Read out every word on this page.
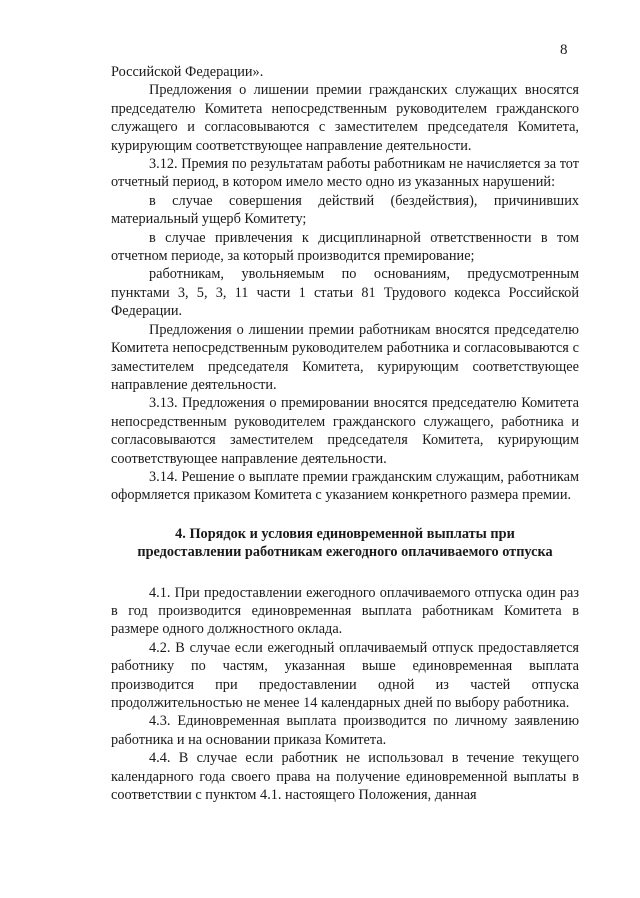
8

Российской Федерации».

Предложения о лишении премии гражданских служащих вносятся председателю Комитета непосредственным руководителем гражданского служащего и согласовываются с заместителем председателя Комитета, курирующим соответствующее направление деятельности.

3.12. Премия по результатам работы работникам не начисляется за тот отчетный период, в котором имело место одно из указанных нарушений:

в случае совершения действий (бездействия), причинивших материальный ущерб Комитету;

в случае привлечения к дисциплинарной ответственности в том отчетном периоде, за который производится премирование;

работникам, увольняемым по основаниям, предусмотренным пунктами 3, 5, 3, 11 части 1 статьи 81 Трудового кодекса Российской Федерации.

Предложения о лишении премии работникам вносятся председателю Комитета непосредственным руководителем работника и согласовываются с заместителем председателя Комитета, курирующим соответствующее направление деятельности.

3.13. Предложения о премировании вносятся председателю Комитета непосредственным руководителем гражданского служащего, работника и согласовываются заместителем председателя Комитета, курирующим соответствующее направление деятельности.

3.14. Решение о выплате премии гражданским служащим, работникам оформляется приказом Комитета с указанием конкретного размера премии.

4. Порядок и условия единовременной выплаты при
предоставлении работникам ежегодного оплачиваемого отпуска

4.1. При предоставлении ежегодного оплачиваемого отпуска один раз в год производится единовременная выплата работникам Комитета в размере одного должностного оклада.

4.2. В случае если ежегодный оплачиваемый отпуск предоставляется работнику по частям, указанная выше единовременная выплата производится при предоставлении одной из частей отпуска продолжительностью не менее 14 календарных дней по выбору работника.

4.3. Единовременная выплата производится по личному заявлению работника и на основании приказа Комитета.

4.4. В случае если работник не использовал в течение текущего календарного года своего права на получение единовременной выплаты в соответствии с пунктом 4.1. настоящего Положения, данная
